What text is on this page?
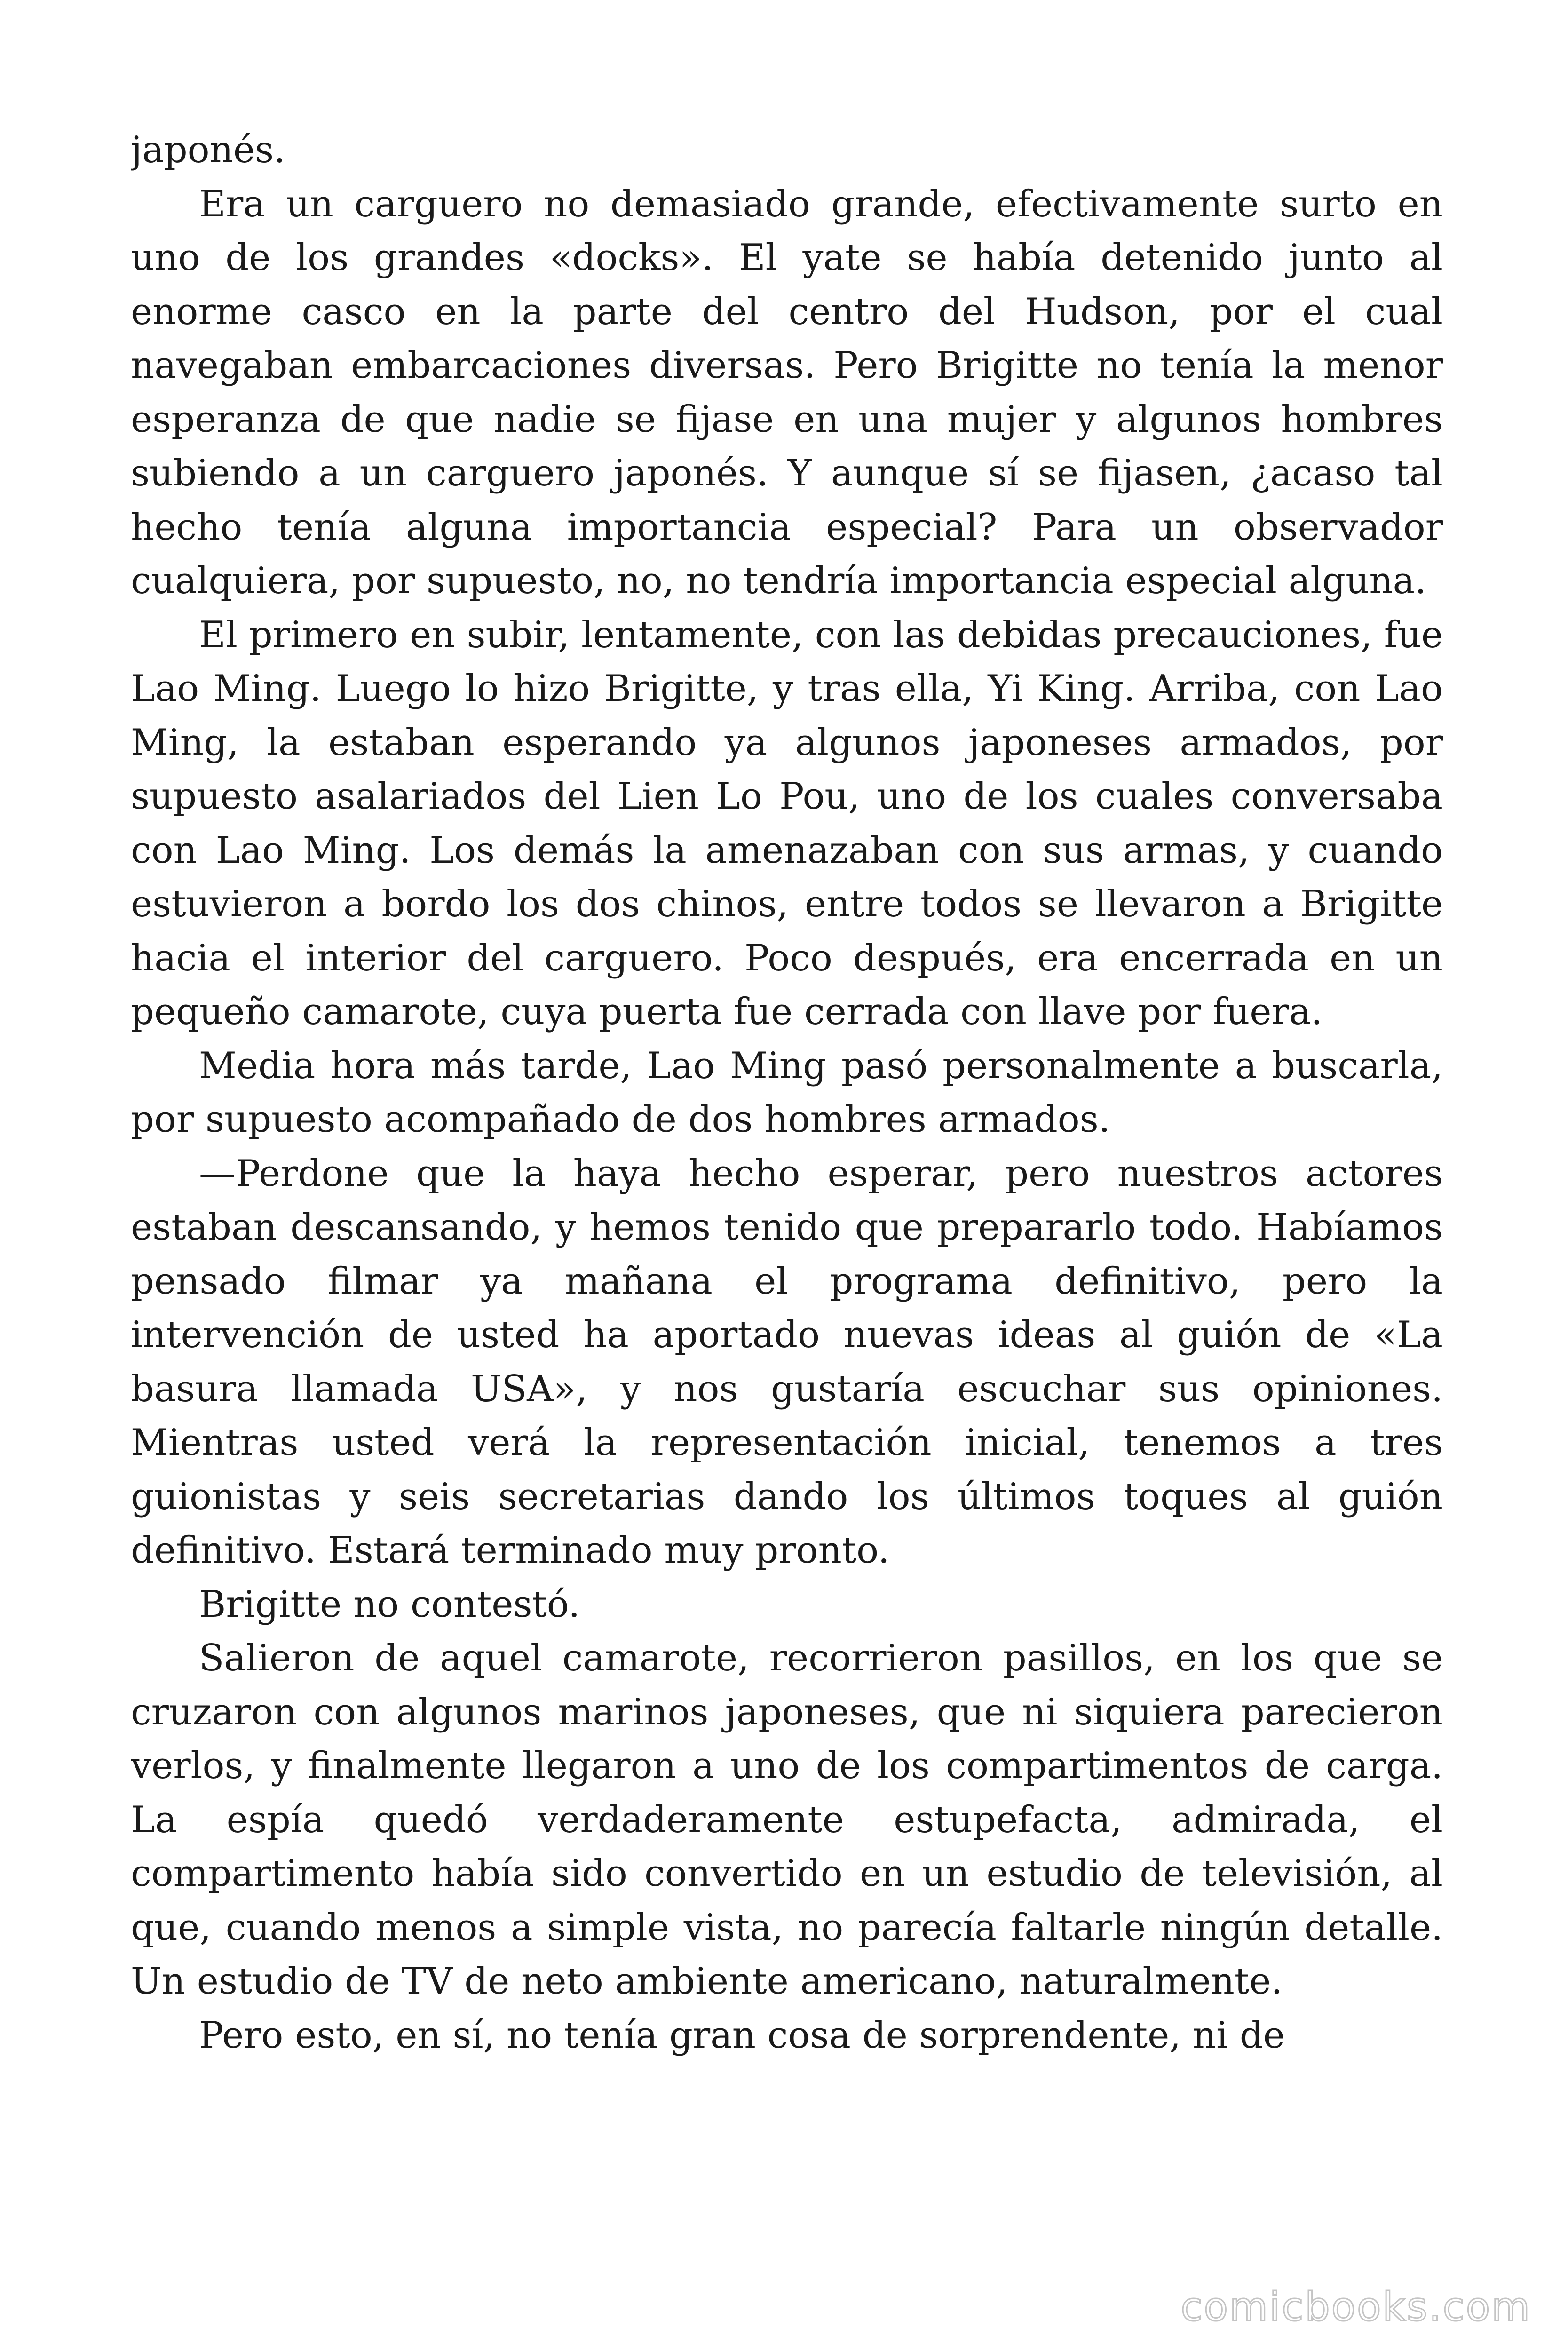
japonés.

Era un carguero no demasiado grande, efectivamente surto en uno de los grandes «docks». El yate se había detenido junto al enorme casco en la parte del centro del Hudson, por el cual navegaban embarcaciones diversas. Pero Brigitte no tenía la menor esperanza de que nadie se fijase en una mujer y algunos hombres subiendo a un carguero japonés. Y aunque sí se fijasen, ¿acaso tal hecho tenía alguna importancia especial? Para un observador cualquiera, por supuesto, no, no tendría importancia especial alguna.

El primero en subir, lentamente, con las debidas precauciones, fue Lao Ming. Luego lo hizo Brigitte, y tras ella, Yi King. Arriba, con Lao Ming, la estaban esperando ya algunos japoneses armados, por supuesto asalariados del Lien Lo Pou, uno de los cuales conversaba con Lao Ming. Los demás la amenazaban con sus armas, y cuando estuvieron a bordo los dos chinos, entre todos se llevaron a Brigitte hacia el interior del carguero. Poco después, era encerrada en un pequeño camarote, cuya puerta fue cerrada con llave por fuera.

Media hora más tarde, Lao Ming pasó personalmente a buscarla, por supuesto acompañado de dos hombres armados.

—Perdone que la haya hecho esperar, pero nuestros actores estaban descansando, y hemos tenido que prepararlo todo. Habíamos pensado filmar ya mañana el programa definitivo, pero la intervención de usted ha aportado nuevas ideas al guión de «La basura llamada USA», y nos gustaría escuchar sus opiniones. Mientras usted verá la representación inicial, tenemos a tres guionistas y seis secretarias dando los últimos toques al guión definitivo. Estará terminado muy pronto.

Brigitte no contestó.

Salieron de aquel camarote, recorrieron pasillos, en los que se cruzaron con algunos marinos japoneses, que ni siquiera parecieron verlos, y finalmente llegaron a uno de los compartimentos de carga. La espía quedó verdaderamente estupefacta, admirada, el compartimento había sido convertido en un estudio de televisión, al que, cuando menos a simple vista, no parecía faltarle ningún detalle. Un estudio de TV de neto ambiente americano, naturalmente.

Pero esto, en sí, no tenía gran cosa de sorprendente, ni de

comicbooks.com
